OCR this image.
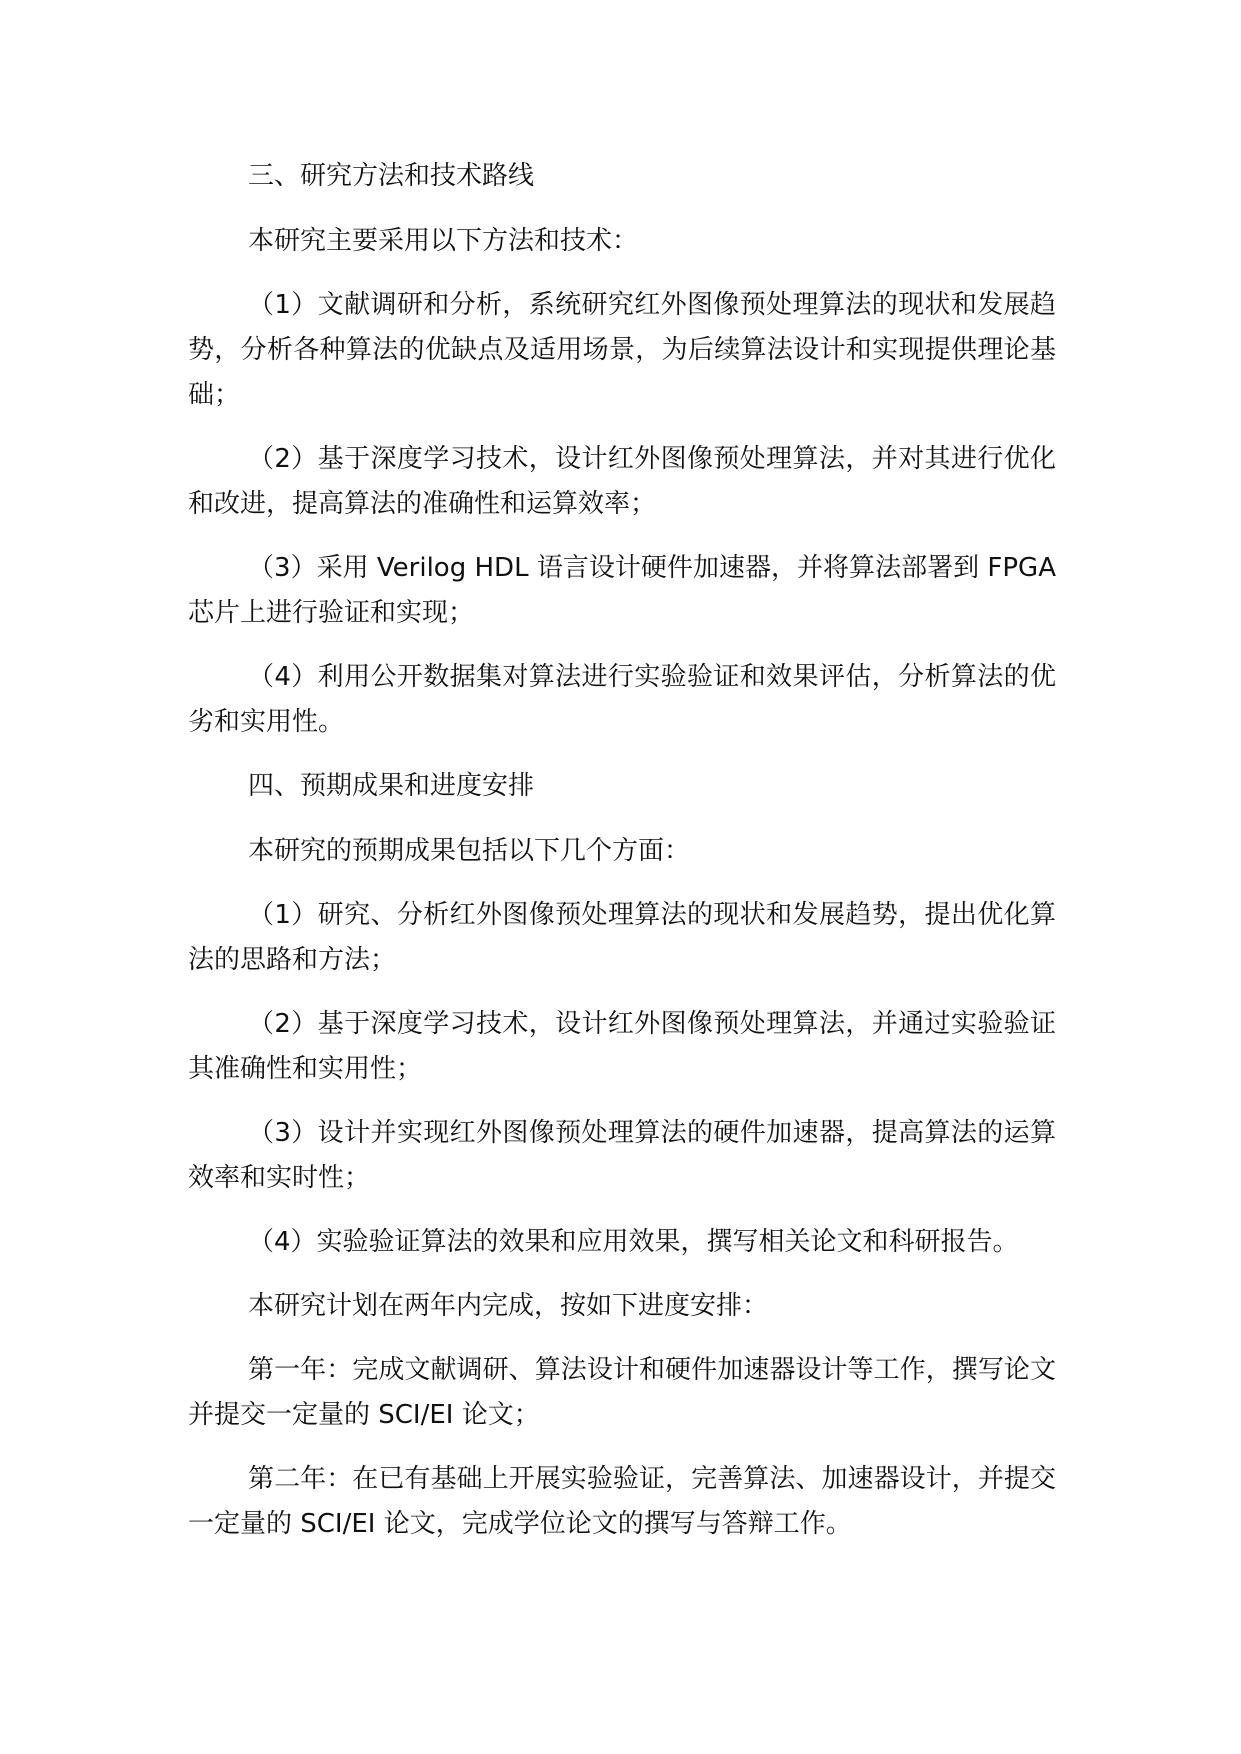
三、研究方法和技术路线

本研究主要采用以下方法和技术：

（1）文献调研和分析，系统研究红外图像预处理算法的现状和发展趋势，分析各种算法的优缺点及适用场景，为后续算法设计和实现提供理论基础；

（2）基于深度学习技术，设计红外图像预处理算法，并对其进行优化和改进，提高算法的准确性和运算效率；

（3）采用 Verilog HDL 语言设计硬件加速器，并将算法部署到 FPGA 芯片上进行验证和实现；

（4）利用公开数据集对算法进行实验验证和效果评估，分析算法的优劣和实用性。

四、预期成果和进度安排

本研究的预期成果包括以下几个方面：

（1）研究、分析红外图像预处理算法的现状和发展趋势，提出优化算法的思路和方法；

（2）基于深度学习技术，设计红外图像预处理算法，并通过实验验证其准确性和实用性；

（3）设计并实现红外图像预处理算法的硬件加速器，提高算法的运算效率和实时性；

（4）实验验证算法的效果和应用效果，撰写相关论文和科研报告。

本研究计划在两年内完成，按如下进度安排：

第一年：完成文献调研、算法设计和硬件加速器设计等工作，撰写论文并提交一定量的 SCI/EI 论文；

第二年：在已有基础上开展实验验证，完善算法、加速器设计，并提交一定量的 SCI/EI 论文，完成学位论文的撰写与答辩工作。
